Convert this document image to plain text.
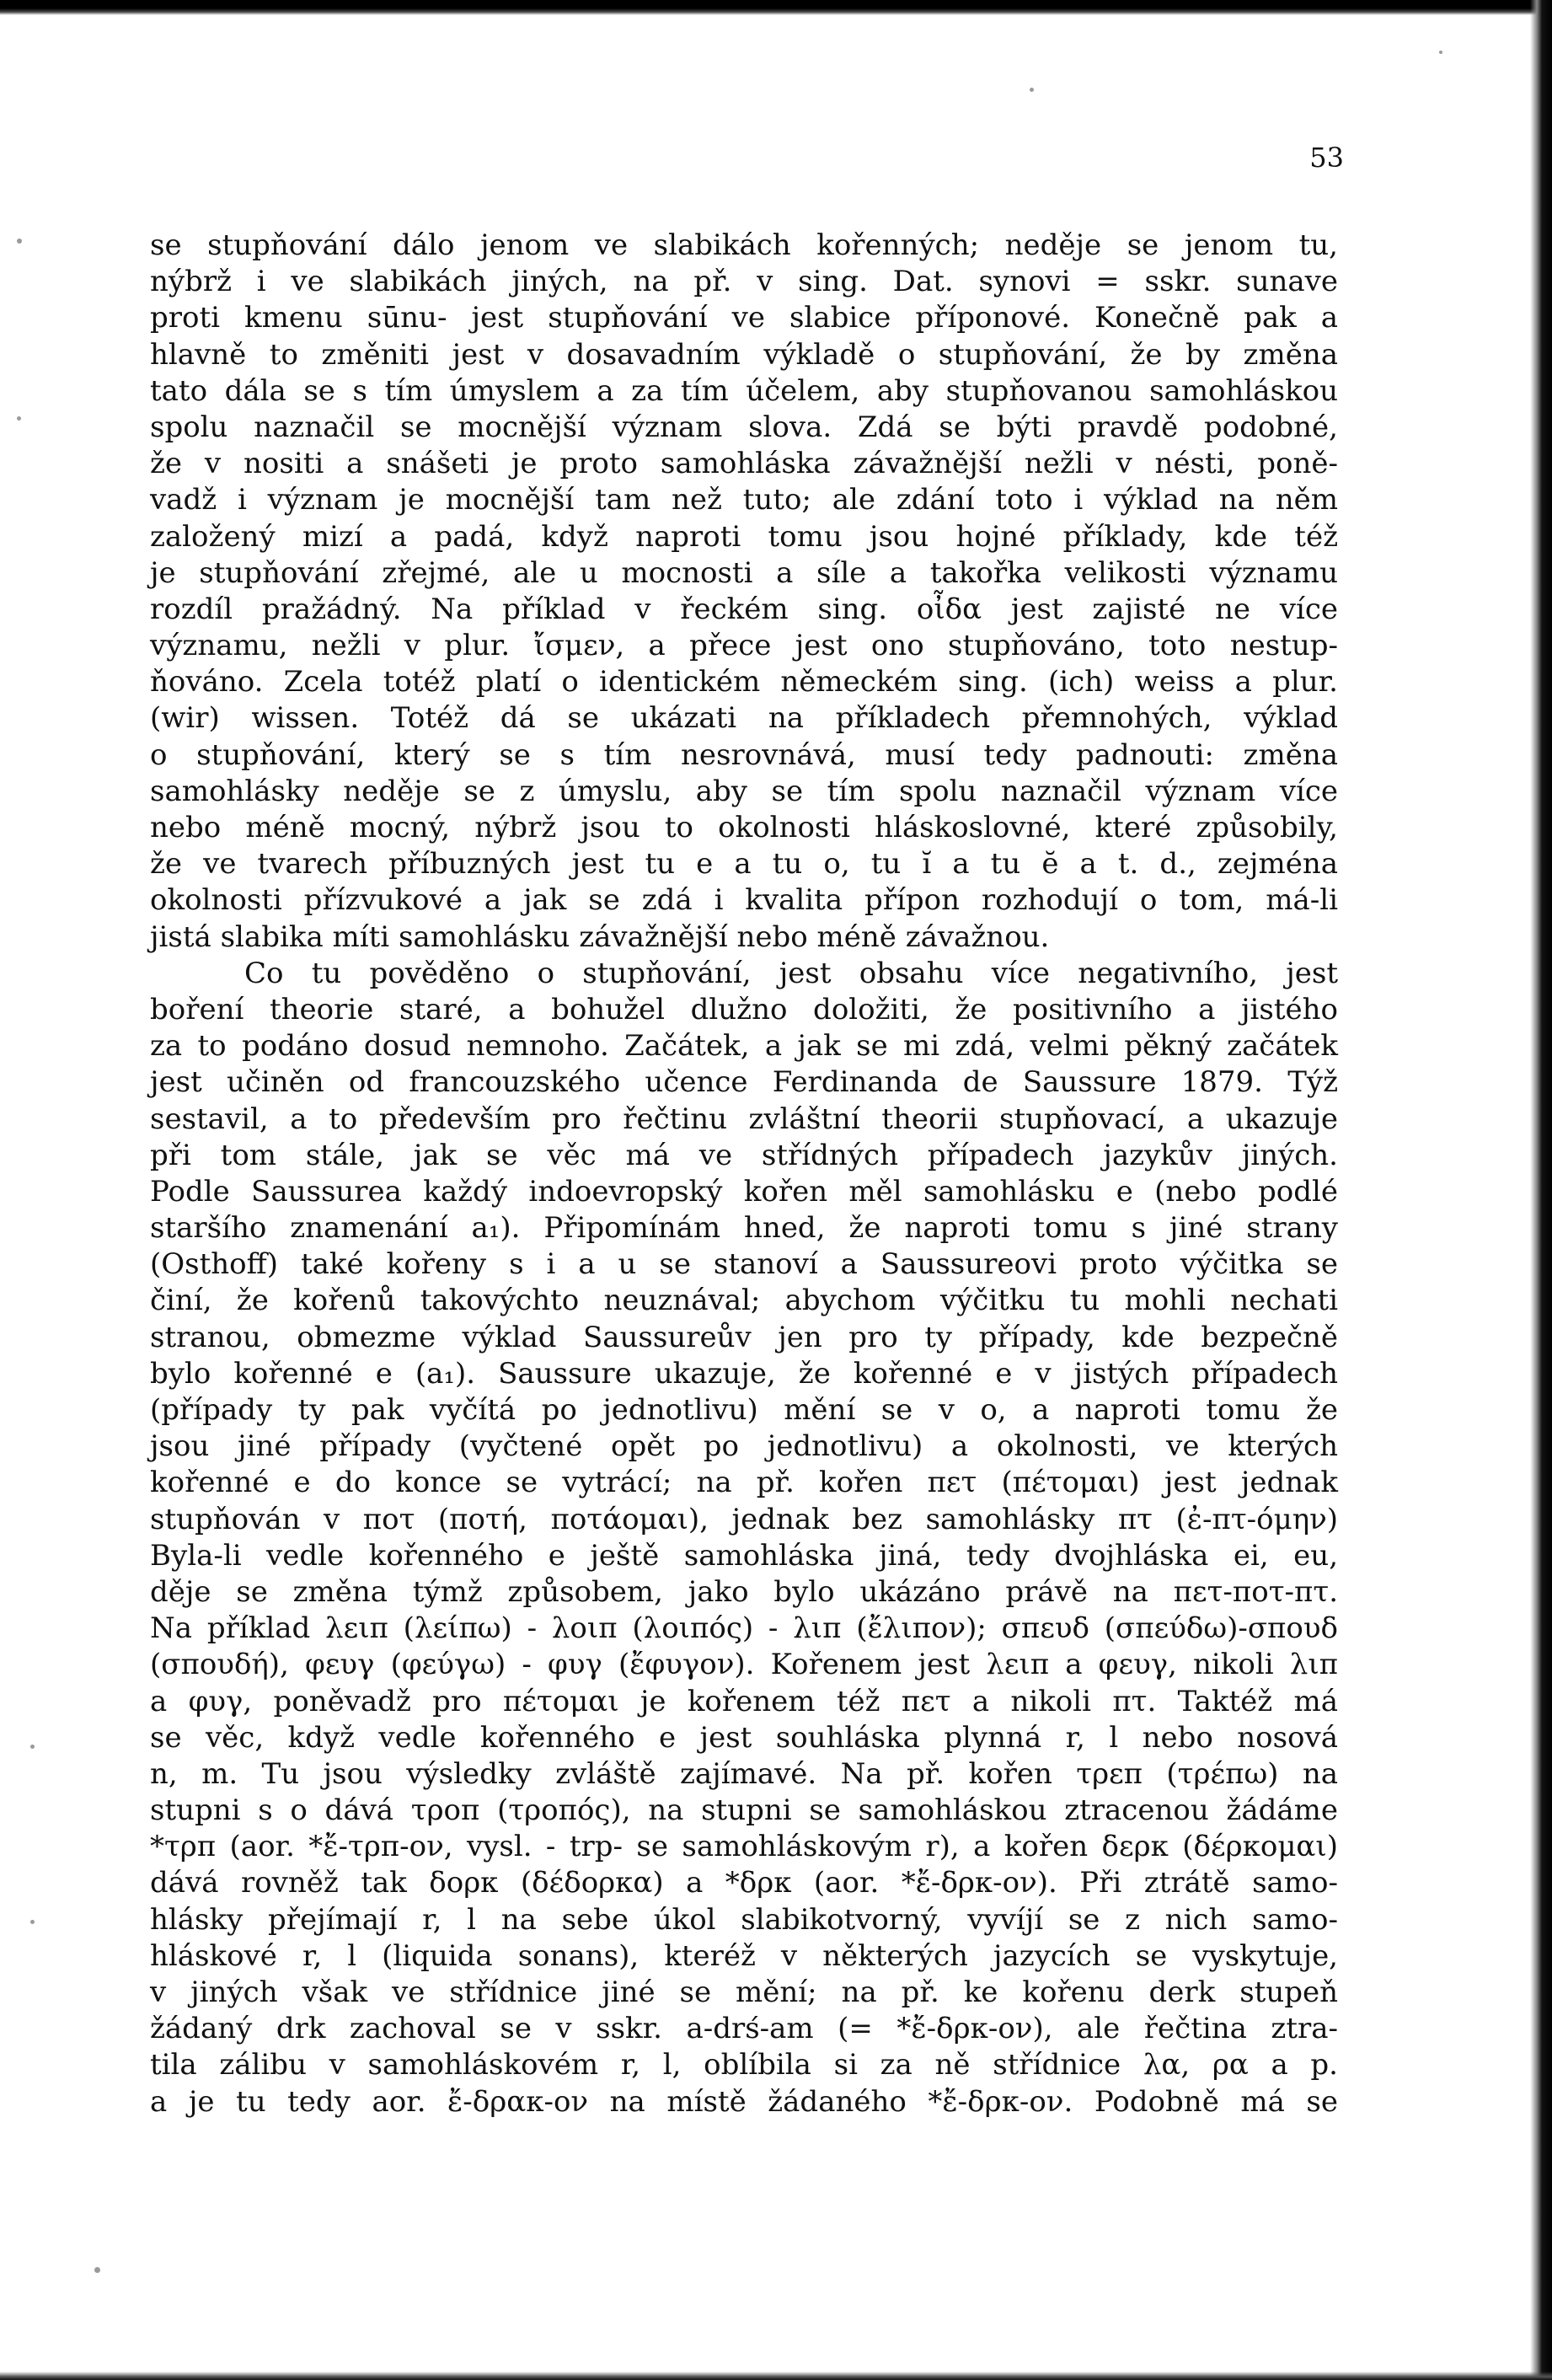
53
se stupňování dálo jenom ve slabikách kořenných; neděje se jenom tu,
nýbrž i ve slabikách jiných, na př. v sing. Dat. synovi = sskr. sunave
proti kmenu sūnu- jest stupňování ve slabice příponové. Konečně pak a
hlavně to změniti jest v dosavadním výkladě o stupňování, že by změna
tato dála se s tím úmyslem a za tím účelem, aby stupňovanou samohláskou
spolu naznačil se mocnější význam slova. Zdá se býti pravdě podobné,
že v nositi a snášeti je proto samohláska závažnější nežli v nésti, poně-
vadž i význam je mocnější tam než tuto; ale zdání toto i výklad na něm
založený mizí a padá, když naproti tomu jsou hojné příklady, kde též
je stupňování zřejmé, ale u mocnosti a síle a takořka velikosti významu
rozdíl pražádný. Na příklad v řeckém sing. οἶδα jest zajisté ne více
významu, nežli v plur. ἴσμεν, a přece jest ono stupňováno, toto nestup-
ňováno. Zcela totéž platí o identickém německém sing. (ich) weiss a plur.
(wir) wissen. Totéž dá se ukázati na příkladech přemnohých, výklad
o stupňování, který se s tím nesrovnává, musí tedy padnouti: změna
samohlásky neděje se z úmyslu, aby se tím spolu naznačil význam více
nebo méně mocný, nýbrž jsou to okolnosti hláskoslovné, které způsobily,
že ve tvarech příbuzných jest tu e a tu o, tu ĭ a tu ĕ a t. d., zejména
okolnosti přízvukové a jak se zdá i kvalita přípon rozhodují o tom, má-li
jistá slabika míti samohlásku závažnější nebo méně závažnou.
Co tu pověděno o stupňování, jest obsahu více negativního, jest
boření theorie staré, a bohužel dlužno doložiti, že positivního a jistého
za to podáno dosud nemnoho. Začátek, a jak se mi zdá, velmi pěkný začátek
jest učiněn od francouzského učence Ferdinanda de Saussure 1879. Týž
sestavil, a to především pro řečtinu zvláštní theorii stupňovací, a ukazuje
při tom stále, jak se věc má ve střídných případech jazykův jiných.
Podle Saussurea každý indoevropský kořen měl samohlásku e (nebo podlé
staršího znamenání a₁). Připomínám hned, že naproti tomu s jiné strany
(Osthoff) také kořeny s i a u se stanoví a Saussureovi proto výčitka se
činí, že kořenů takovýchto neuznával; abychom výčitku tu mohli nechati
stranou, obmezme výklad Saussureův jen pro ty případy, kde bezpečně
bylo kořenné e (a₁). Saussure ukazuje, že kořenné e v jistých případech
(případy ty pak vyčítá po jednotlivu) mění se v o, a naproti tomu že
jsou jiné případy (vyčtené opět po jednotlivu) a okolnosti, ve kterých
kořenné e do konce se vytrácí; na př. kořen πετ (πέτομαι) jest jednak
stupňován v ποτ (ποτή, ποτάομαι), jednak bez samohlásky πτ (ἐ-πτ-όμην)
Byla-li vedle kořenného e ještě samohláska jiná, tedy dvojhláska ei, eu,
děje se změna týmž způsobem, jako bylo ukázáno právě na πετ-ποτ-πτ.
Na příklad λειπ (λείπω) - λοιπ (λοιπός) - λιπ (ἔλιπον); σπευδ (σπεύδω)-σπουδ
(σπουδή), φευγ (φεύγω) - φυγ (ἔφυγον). Kořenem jest λειπ a φευγ, nikoli λιπ
a φυγ, poněvadž pro πέτομαι je kořenem též πετ a nikoli πτ. Taktéž má
se věc, když vedle kořenného e jest souhláska plynná r, l nebo nosová
n, m. Tu jsou výsledky zvláště zajímavé. Na př. kořen τρεπ (τρέπω) na
stupni s o dává τροπ (τροπός), na stupni se samohláskou ztracenou žádáme
*τρπ (aor. *ἔ-τρπ-ον, vysl. - trp- se samohláskovým r), a kořen δερκ (δέρκομαι)
dává rovněž tak δορκ (δέδορκα) a *δρκ (aor. *ἔ-δρκ-ον). Při ztrátě samo-
hlásky přejímají r, l na sebe úkol slabikotvorný, vyvíjí se z nich samo-
hláskové r, l (liquida sonans), kteréž v některých jazycích se vyskytuje,
v jiných však ve střídnice jiné se mění; na př. ke kořenu derk stupeň
žádaný drk zachoval se v sskr. a-drś-am (= *ἔ-δρκ-ον), ale řečtina ztra-
tila zálibu v samohláskovém r, l, oblíbila si za ně střídnice λα, ρα a p.
a je tu tedy aor. ἔ-δρακ-ον na místě žádaného *ἔ-δρκ-ον. Podobně má se
